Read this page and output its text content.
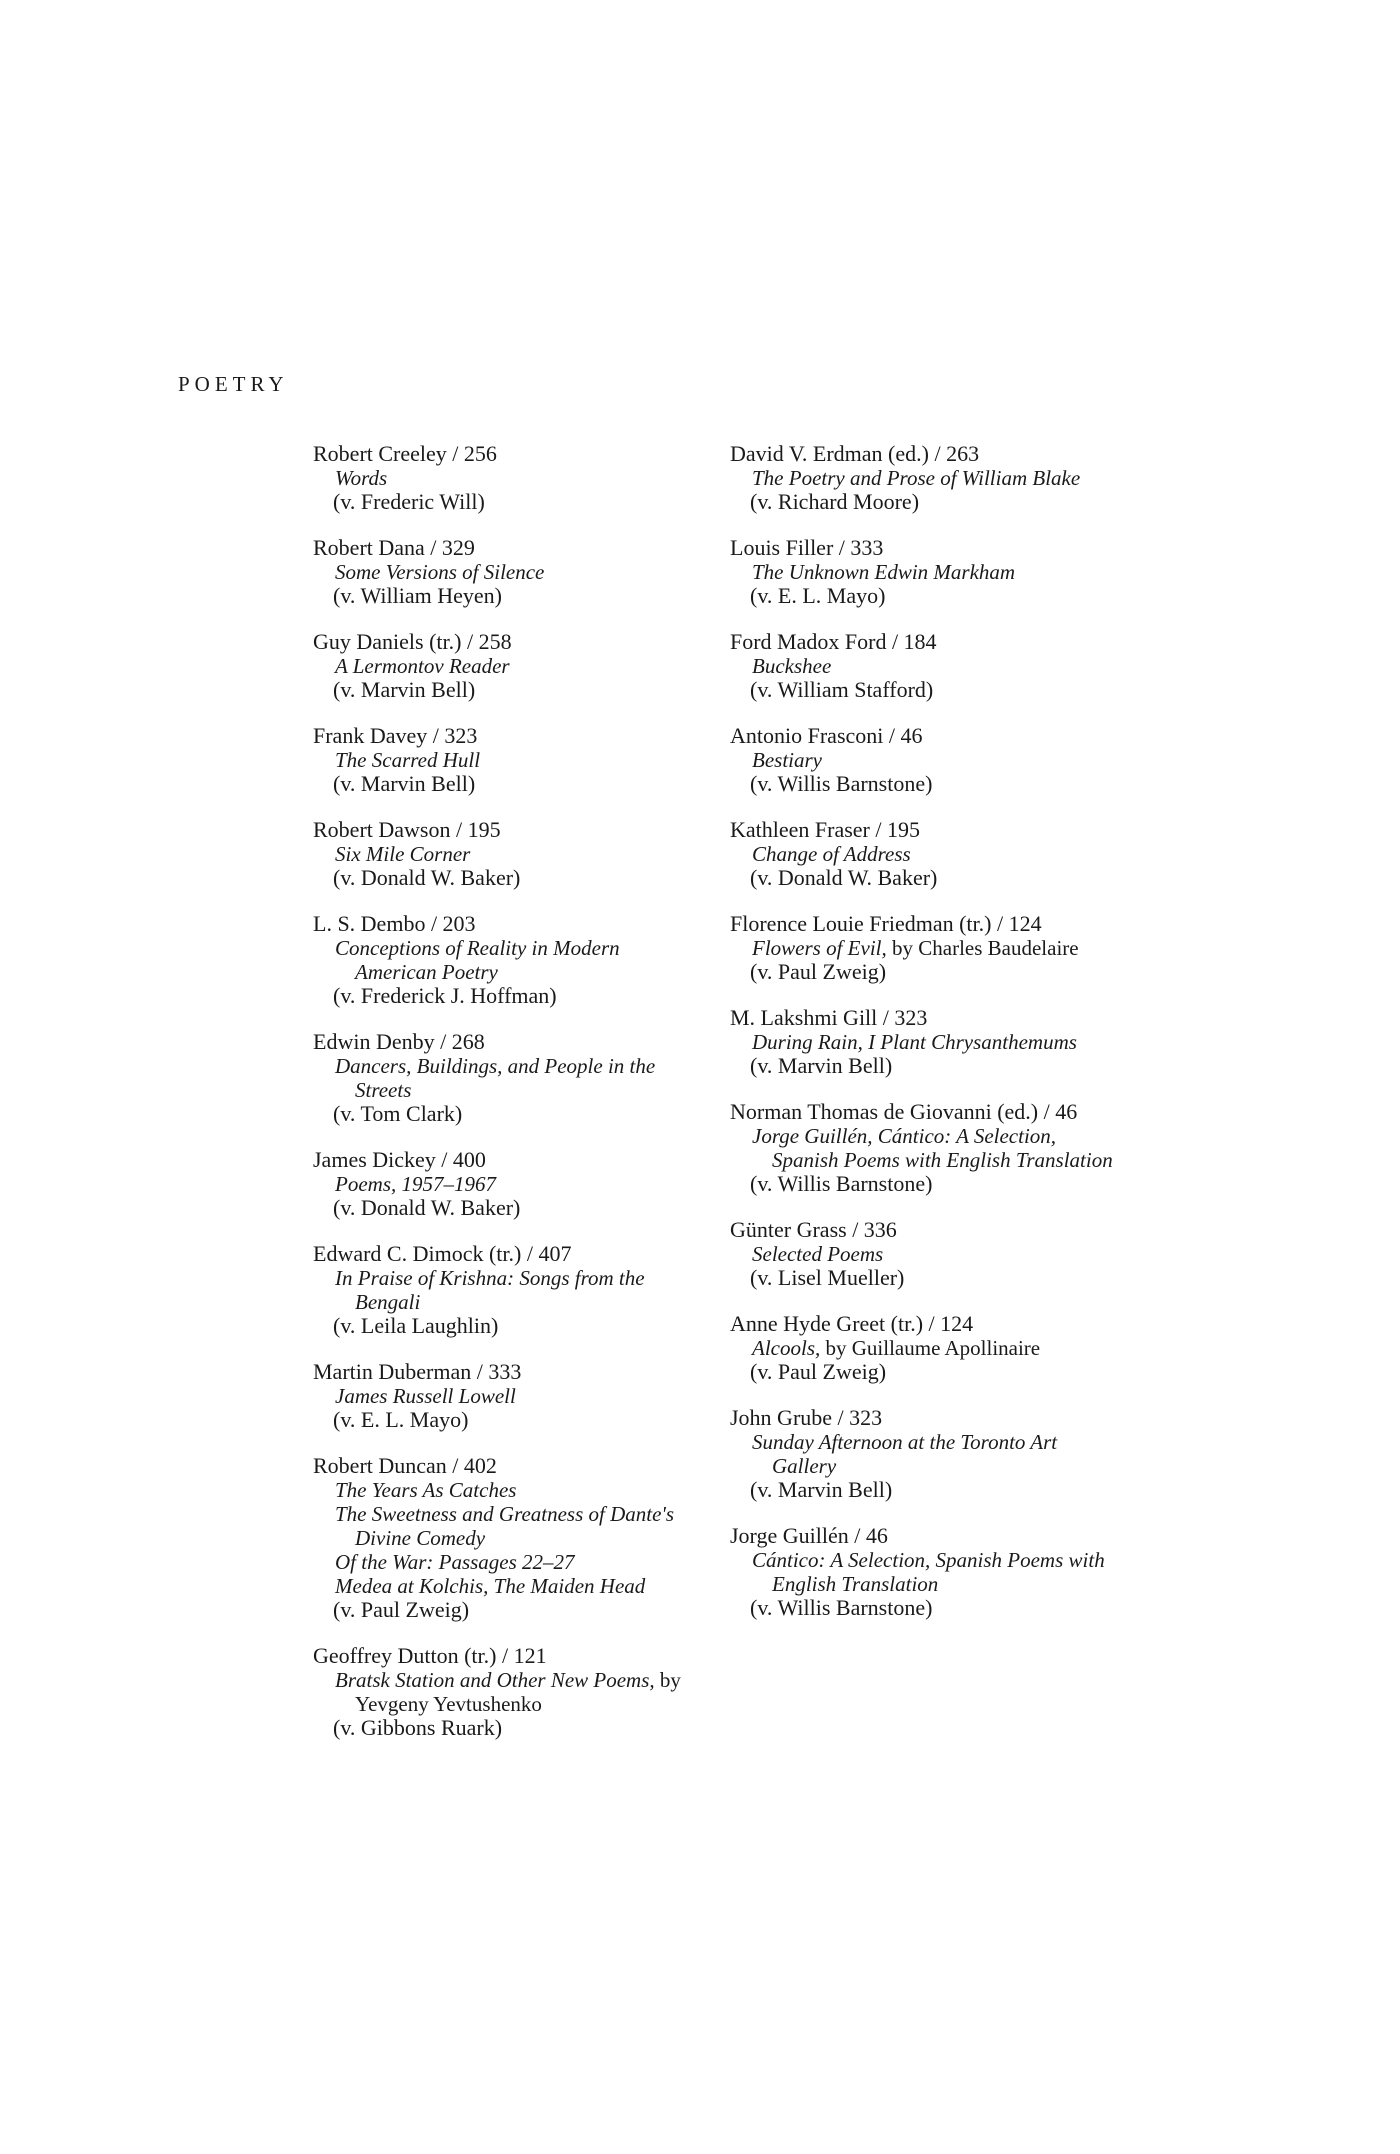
POETRY
Robert Creeley / 256
Words
(v. Frederic Will)
Robert Dana / 329
Some Versions of Silence
(v. William Heyen)
Guy Daniels (tr.) / 258
A Lermontov Reader
(v. Marvin Bell)
Frank Davey / 323
The Scarred Hull
(v. Marvin Bell)
Robert Dawson / 195
Six Mile Corner
(v. Donald W. Baker)
L. S. Dembo / 203
Conceptions of Reality in Modern American Poetry
(v. Frederick J. Hoffman)
Edwin Denby / 268
Dancers, Buildings, and People in the Streets
(v. Tom Clark)
James Dickey / 400
Poems, 1957–1967
(v. Donald W. Baker)
Edward C. Dimock (tr.) / 407
In Praise of Krishna: Songs from the Bengali
(v. Leila Laughlin)
Martin Duberman / 333
James Russell Lowell
(v. E. L. Mayo)
Robert Duncan / 402
The Years As Catches
The Sweetness and Greatness of Dante's Divine Comedy
Of the War: Passages 22–27
Medea at Kolchis, The Maiden Head
(v. Paul Zweig)
Geoffrey Dutton (tr.) / 121
Bratsk Station and Other New Poems, by Yevgeny Yevtushenko
(v. Gibbons Ruark)
David V. Erdman (ed.) / 263
The Poetry and Prose of William Blake
(v. Richard Moore)
Louis Filler / 333
The Unknown Edwin Markham
(v. E. L. Mayo)
Ford Madox Ford / 184
Buckshee
(v. William Stafford)
Antonio Frasconi / 46
Bestiary
(v. Willis Barnstone)
Kathleen Fraser / 195
Change of Address
(v. Donald W. Baker)
Florence Louie Friedman (tr.) / 124
Flowers of Evil, by Charles Baudelaire
(v. Paul Zweig)
M. Lakshmi Gill / 323
During Rain, I Plant Chrysanthemums
(v. Marvin Bell)
Norman Thomas de Giovanni (ed.) / 46
Jorge Guillén, Cántico: A Selection, Spanish Poems with English Translation
(v. Willis Barnstone)
Günter Grass / 336
Selected Poems
(v. Lisel Mueller)
Anne Hyde Greet (tr.) / 124
Alcools, by Guillaume Apollinaire
(v. Paul Zweig)
John Grube / 323
Sunday Afternoon at the Toronto Art Gallery
(v. Marvin Bell)
Jorge Guillén / 46
Cántico: A Selection, Spanish Poems with English Translation
(v. Willis Barnstone)
